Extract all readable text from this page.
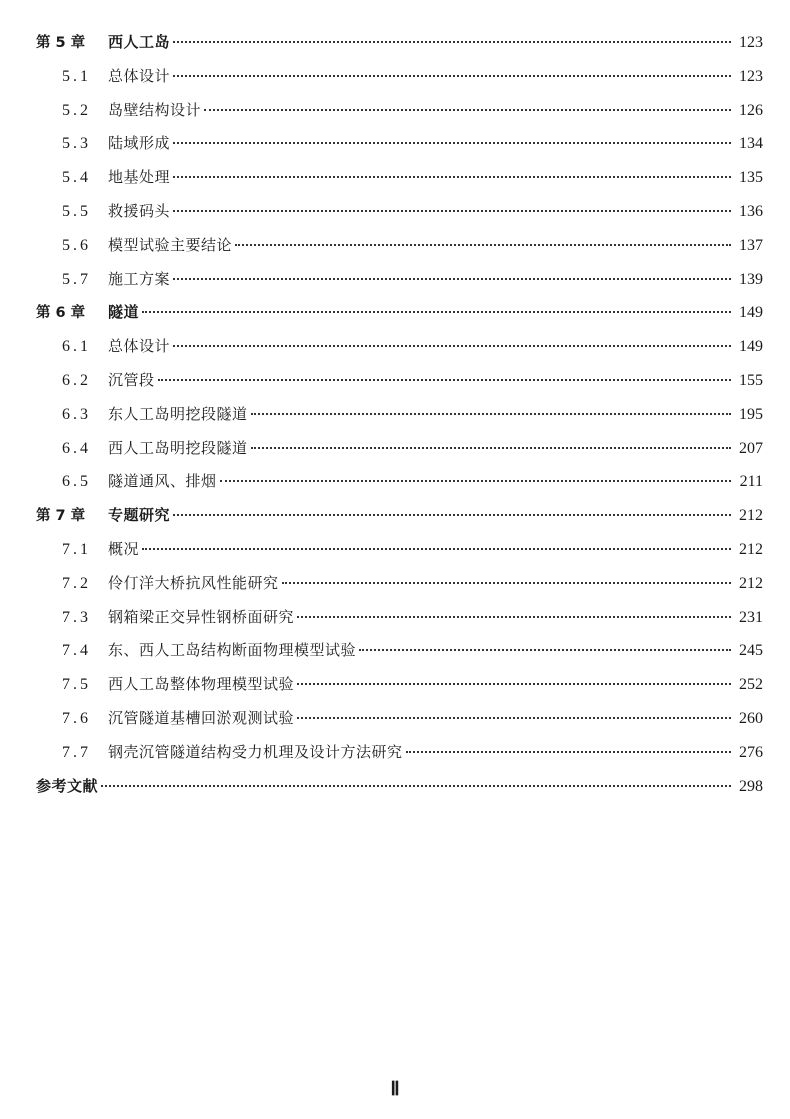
第 5 章	西人工岛	123
5.1	总体设计	123
5.2	岛壁结构设计	126
5.3	陆域形成	134
5.4	地基处理	135
5.5	救援码头	136
5.6	模型试验主要结论	137
5.7	施工方案	139
第 6 章	隧道	149
6.1	总体设计	149
6.2	沉管段	155
6.3	东人工岛明挖段隧道	195
6.4	西人工岛明挖段隧道	207
6.5	隧道通风、排烟	211
第 7 章	专题研究	212
7.1	概况	212
7.2	伶仃洋大桥抗风性能研究	212
7.3	钢箱梁正交异性钢桥面研究	231
7.4	东、西人工岛结构断面物理模型试验	245
7.5	西人工岛整体物理模型试验	252
7.6	沉管隧道基槽回淤观测试验	260
7.7	钢壳沉管隧道结构受力机理及设计方法研究	276
参考文献	298
Ⅱ
